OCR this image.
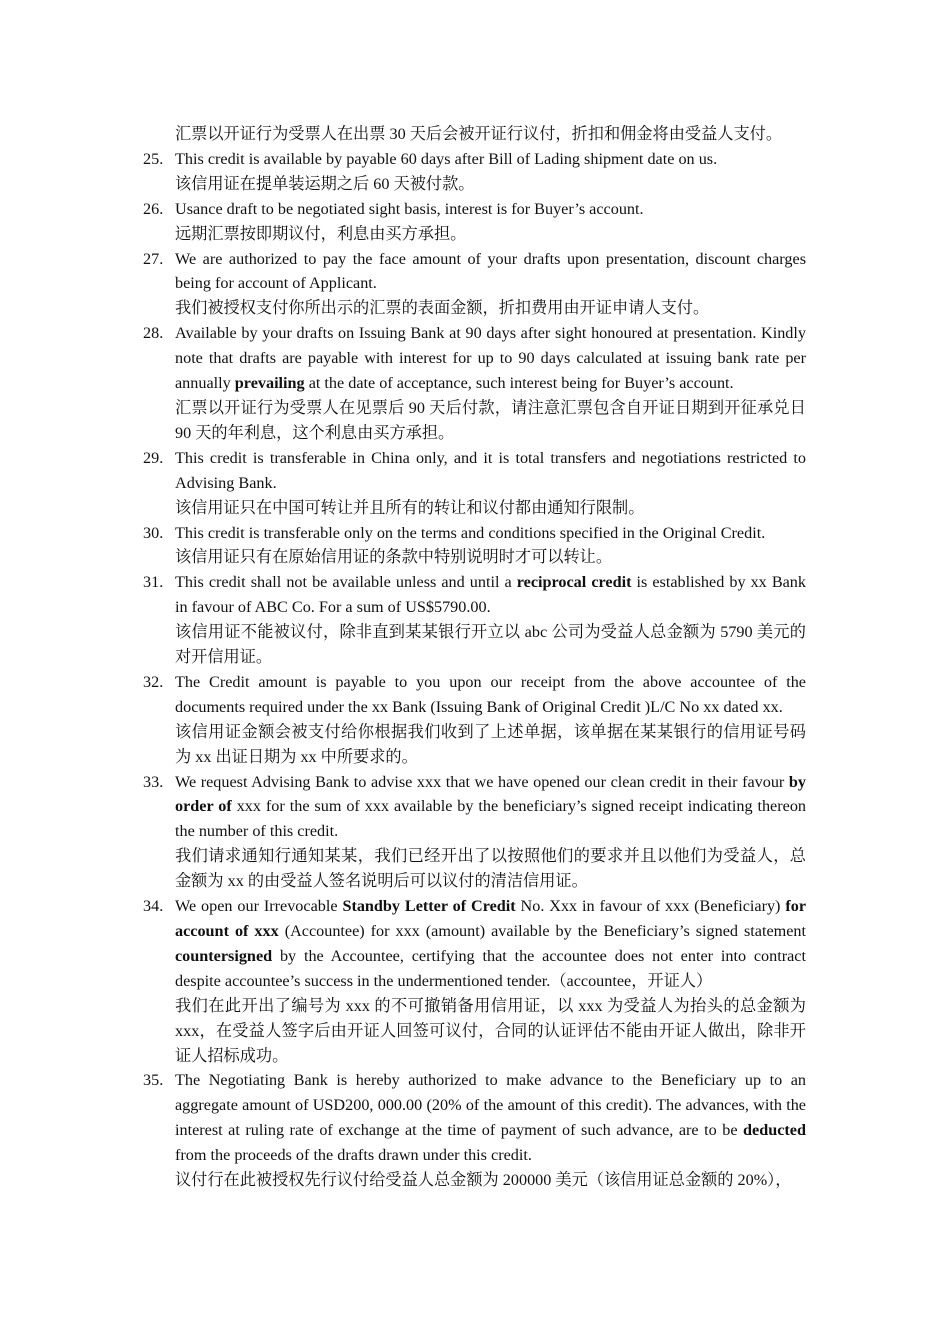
汇票以开证行为受票人在出票 30 天后会被开证行议付，折扣和佣金将由受益人支付。
25. This credit is available by payable 60 days after Bill of Lading shipment date on us.
该信用证在提单装运期之后 60 天被付款。
26. Usance draft to be negotiated sight basis, interest is for Buyer’s account.
远期汇票按即期议付，利息由买方承担。
27. We are authorized to pay the face amount of your drafts upon presentation, discount charges being for account of Applicant.
我们被授权支付你所出示的汇票的表面金额，折扣费用由开证申请人支付。
28. Available by your drafts on Issuing Bank at 90 days after sight honoured at presentation. Kindly note that drafts are payable with interest for up to 90 days calculated at issuing bank rate per annually prevailing at the date of acceptance, such interest being for Buyer’s account.
汇票以开证行为受票人在见票后 90 天后付款，请注意汇票包含自开证日期到开征承兑日 90 天的年利息，这个利息由买方承担。
29. This credit is transferable in China only, and it is total transfers and negotiations restricted to Advising Bank.
该信用证只在中国可转让并且所有的转让和议付都由通知行限制。
30. This credit is transferable only on the terms and conditions specified in the Original Credit.
该信用证只有在原始信用证的条款中特别说明时才可以转让。
31. This credit shall not be available unless and until a reciprocal credit is established by xx Bank in favour of ABC Co. For a sum of US$5790.00.
该信用证不能被议付，除非直到某某银行开立以 abc 公司为受益人总金额为 5790 美元的对开信用证。
32. The Credit amount is payable to you upon our receipt from the above accountee of the documents required under the xx Bank (Issuing Bank of Original Credit )L/C No xx dated xx.
该信用证金额会被支付给你根据我们收到了上述单据，该单据在某某银行的信用证号码为 xx 出证日期为 xx 中所要求的。
33. We request Advising Bank to advise xxx that we have opened our clean credit in their favour by order of xxx for the sum of xxx available by the beneficiary’s signed receipt indicating thereon the number of this credit.
我们请求通知行通知某某，我们已经开出了以按照他们的要求并且以他们为受益人，总金额为 xx 的由受益人签名说明后可以议付的清洁信用证。
34. We open our Irrevocable Standby Letter of Credit No. Xxx in favour of xxx (Beneficiary) for account of xxx (Accountee) for xxx (amount) available by the Beneficiary’s signed statement countersigned by the Accountee, certifying that the accountee does not enter into contract despite accountee’s success in the undermentioned tender.（accountee，开证人）
我们在此开出了编号为 xxx 的不可撤销备用信用证，以 xxx 为受益人为抬头的总金额为 xxx，在受益人签字后由开证人回签可议付，合同的认证评估不能由开证人做出，除非开证人招标成功。
35. The Negotiating Bank is hereby authorized to make advance to the Beneficiary up to an aggregate amount of USD200, 000.00 (20% of the amount of this credit). The advances, with the interest at ruling rate of exchange at the time of payment of such advance, are to be deducted from the proceeds of the drafts drawn under this credit.
议付行在此被授权先行议付给受益人总金额为 200000 美元（该信用证总金额的 20%），
